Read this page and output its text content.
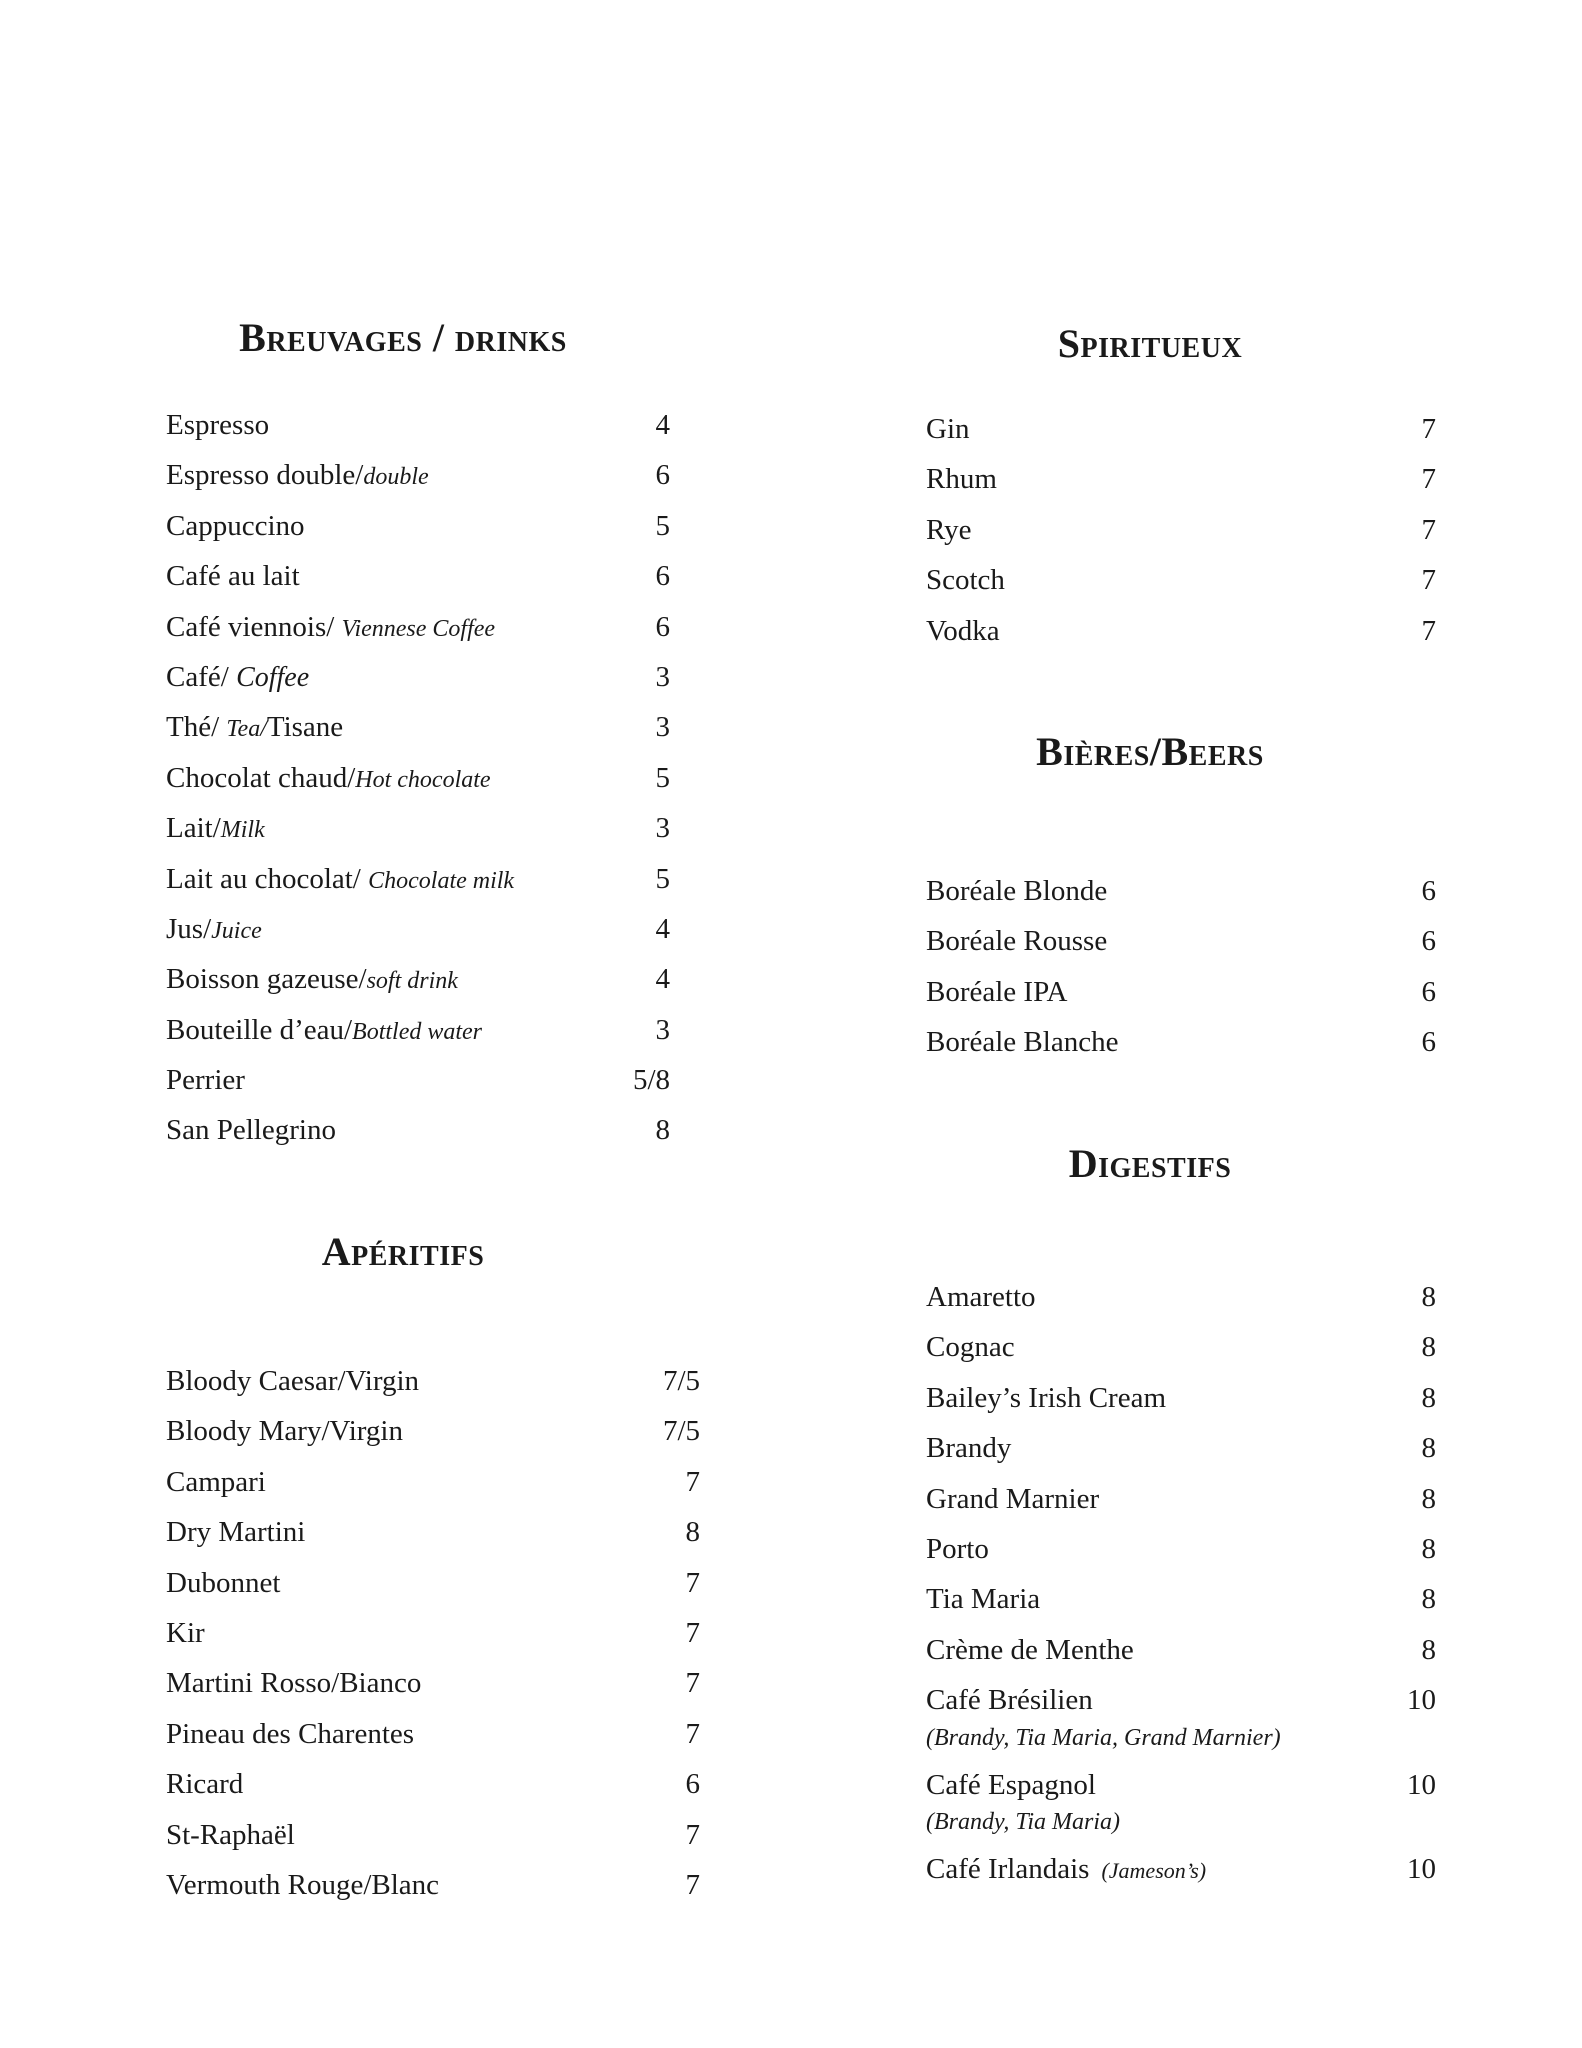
Breuvages / drinks
Espresso	4
Espresso double/double	6
Cappuccino	5
Café au lait	6
Café viennois/ Viennese Coffee	6
Café/ Coffee	3
Thé/ Tea/Tisane	3
Chocolat chaud/Hot chocolate	5
Lait/Milk	3
Lait au chocolat/ Chocolate milk	5
Jus/Juice	4
Boisson gazeuse/soft drink	4
Bouteille d’eau/Bottled water	3
Perrier	5/8
San Pellegrino	8
Apéritifs
Bloody Caesar/Virgin	7/5
Bloody Mary/Virgin	7/5
Campari	7
Dry Martini	8
Dubonnet	7
Kir	7
Martini Rosso/Bianco	7
Pineau des Charentes	7
Ricard	6
St-Raphaël	7
Vermouth Rouge/Blanc	7
Spiritueux
Gin	7
Rhum	7
Rye	7
Scotch	7
Vodka	7
Bières/Beers
Boréale Blonde	6
Boréale Rousse	6
Boréale IPA	6
Boréale Blanche	6
Digestifs
Amaretto	8
Cognac	8
Bailey’s Irish Cream	8
Brandy	8
Grand Marnier	8
Porto	8
Tia Maria	8
Crème de Menthe	8
Café Brésilien	10
(Brandy, Tia Maria, Grand Marnier)
Café Espagnol	10
(Brandy, Tia Maria)
Café Irlandais (Jameson’s)	10
